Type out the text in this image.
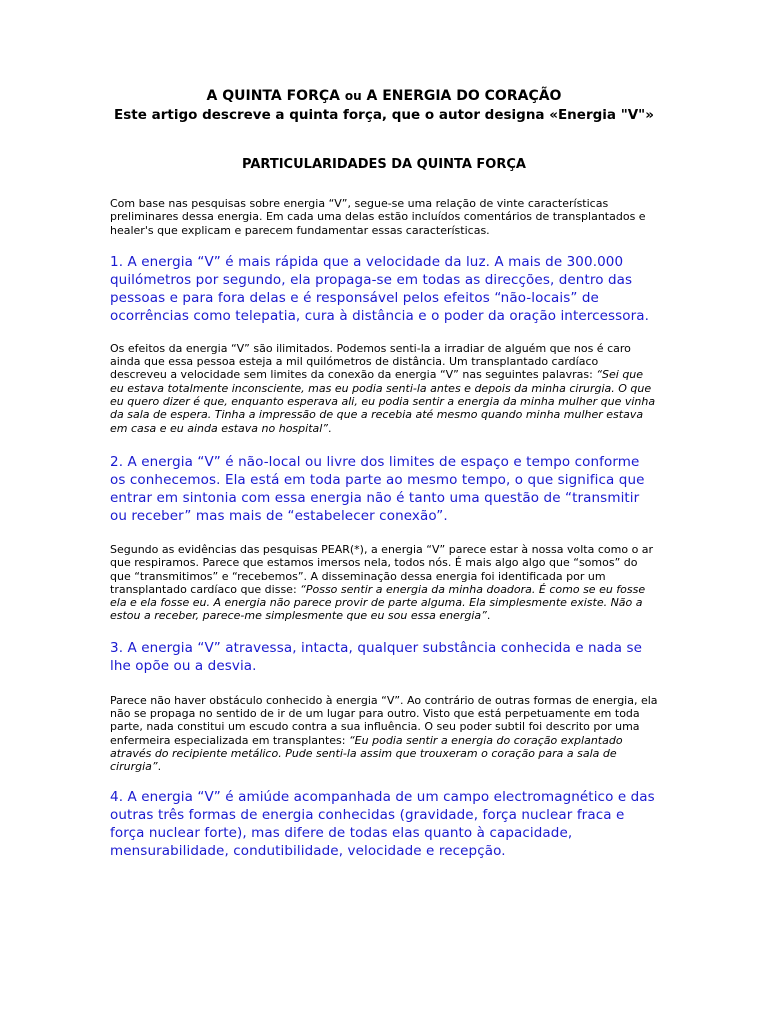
A QUINTA FORÇA ou A ENERGIA DO CORAÇÃO

Este artigo descreve a quinta força, que o autor designa «Energia "V"»

PARTICULARIDADES DA QUINTA FORÇA

Com base nas pesquisas sobre energia “V”, segue-se uma relação de vinte características preliminares dessa energia. Em cada uma delas estão incluídos comentários de transplantados e healer's que explicam e parecem fundamentar essas características.

1. A energia “V” é mais rápida que a velocidade da luz. A mais de 300.000 quilómetros por segundo, ela propaga-se em todas as direcções, dentro das pessoas e para fora delas e é responsável pelos efeitos “não-locais” de ocorrências como telepatia, cura à distância e o poder da oração intercessora.

Os efeitos da energia “V” são ilimitados. Podemos senti-la a irradiar de alguém que nos é caro ainda que essa pessoa esteja a mil quilómetros de distância. Um transplantado cardíaco descreveu a velocidade sem limites da conexão da energia “V” nas seguintes palavras: “Sei que eu estava totalmente inconsciente, mas eu podia senti-la antes e depois da minha cirurgia. O que eu quero dizer é que, enquanto esperava ali, eu podia sentir a energia da minha mulher que vinha da sala de espera. Tinha a impressão de que a recebia até mesmo quando minha mulher estava em casa e eu ainda estava no hospital”.

2. A energia “V” é não-local ou livre dos limites de espaço e tempo conforme os conhecemos. Ela está em toda parte ao mesmo tempo, o que significa que entrar em sintonia com essa energia não é tanto uma questão de “transmitir ou receber” mas mais de “estabelecer conexão”.

Segundo as evidências das pesquisas PEAR(*), a energia “V” parece estar à nossa volta como o ar que respiramos. Parece que estamos imersos nela, todos nós. É mais algo algo que “somos” do que “transmitimos” e “recebemos”. A disseminação dessa energia foi identificada por um transplantado cardíaco que disse: “Posso sentir a energia da minha doadora. É como se eu fosse ela e ela fosse eu. A energia não parece provir de parte alguma. Ela simplesmente existe. Não a estou a receber, parece-me simplesmente que eu sou essa energia”.

3. A energia “V” atravessa, intacta, qualquer substância conhecida e nada se lhe opõe ou a desvia.

Parece não haver obstáculo conhecido à energia “V”. Ao contrário de outras formas de energia, ela não se propaga no sentido de ir de um lugar para outro. Visto que está perpetuamente em toda parte, nada constitui um escudo contra a sua influência. O seu poder subtil foi descrito por uma enfermeira especializada em transplantes: “Eu podia sentir a energia do coração explantado através do recipiente metálico. Pude senti-la assim que trouxeram o coração para a sala de cirurgia”.

4. A energia “V” é amiúde acompanhada de um campo electromagnético e das outras três formas de energia conhecidas (gravidade, força nuclear fraca e força nuclear forte), mas difere de todas elas quanto à capacidade, mensurabilidade, condutibilidade, velocidade e recepção.
